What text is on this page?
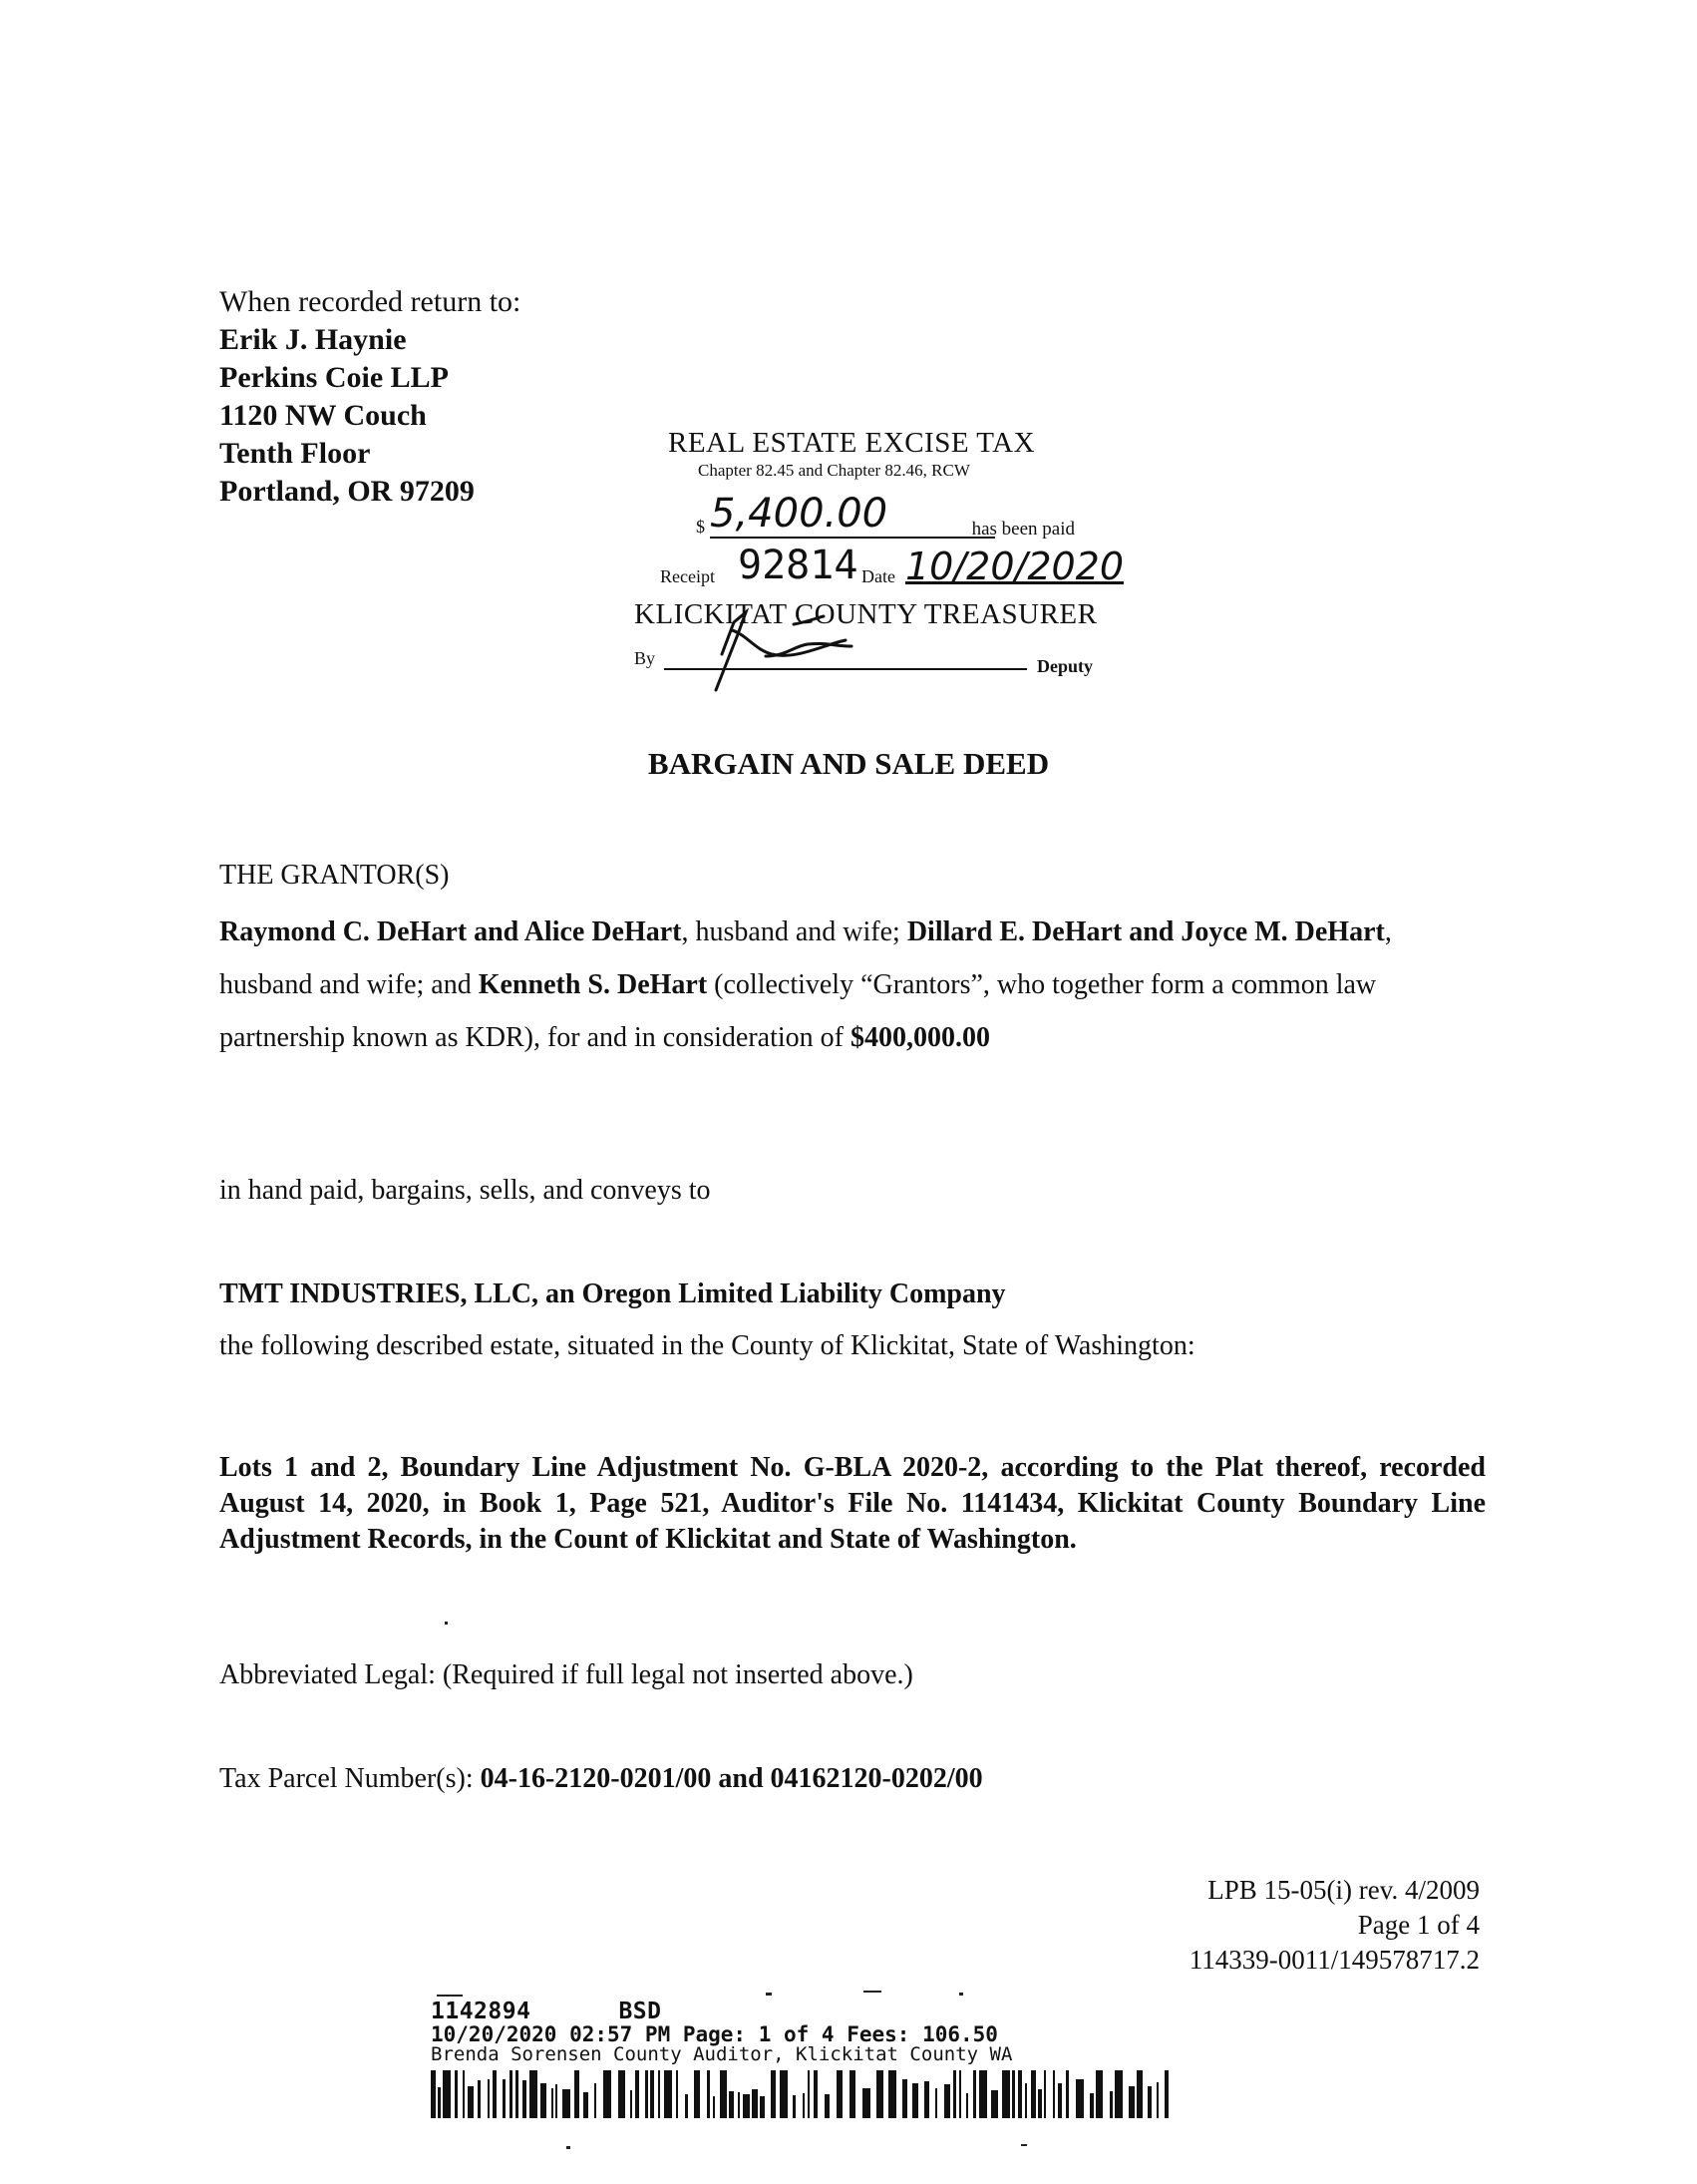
When recorded return to:
Erik J. Haynie
Perkins Coie LLP
1120 NW Couch
Tenth Floor
Portland, OR 97209
REAL ESTATE EXCISE TAX
Chapter 82.45 and Chapter 82.46, RCW
$ 5,400.00	has been paid
Receipt 92814 Date 10/20/2020
KLICKITAT COUNTY TREASURER
By	Deputy
BARGAIN AND SALE DEED
THE GRANTOR(S)
Raymond C. DeHart and Alice DeHart, husband and wife; Dillard E. DeHart and Joyce M. DeHart, husband and wife; and Kenneth S. DeHart (collectively “Grantors”, who together form a common law partnership known as KDR), for and in consideration of $400,000.00
in hand paid, bargains, sells, and conveys to
TMT INDUSTRIES, LLC, an Oregon Limited Liability Company
the following described estate, situated in the County of Klickitat, State of Washington:
Lots 1 and 2, Boundary Line Adjustment No. G-BLA 2020-2, according to the Plat thereof, recorded August 14, 2020, in Book 1, Page 521, Auditor's File No. 1141434, Klickitat County Boundary Line Adjustment Records, in the Count of Klickitat and State of Washington.
Abbreviated Legal: (Required if full legal not inserted above.)
Tax Parcel Number(s): 04-16-2120-0201/00 and 04162120-0202/00
LPB 15-05(i) rev. 4/2009
Page 1 of 4
114339-0011/149578717.2
1142894	BSD
10/20/2020 02:57 PM Page: 1 of 4 Fees: 106.50
Brenda Sorensen County Auditor, Klickitat County WA
